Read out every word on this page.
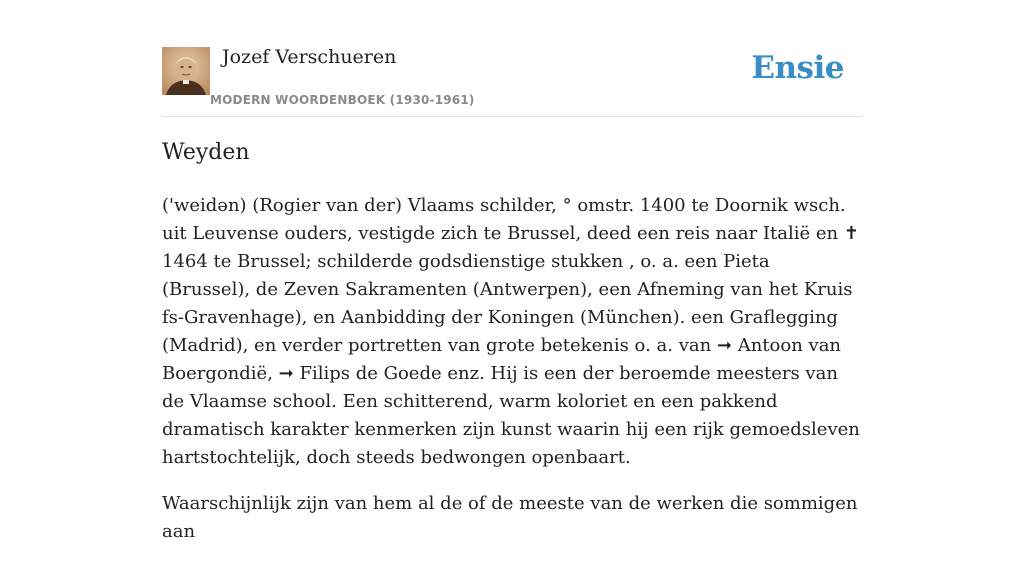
Jozef Verschueren
MODERN WOORDENBOEK (1930-1961)
Ensie
Weyden

('weidən) (Rogier van der) Vlaams schilder, ° omstr. 1400 te Doornik wsch. uit Leuvense ouders, vestigde zich te Brussel, deed een reis naar Italië en ✝ 1464 te Brussel; schilderde godsdienstige stukken , o. a. een Pieta (Brussel), de Zeven Sakramenten (Antwerpen), een Afneming van het Kruis fs-Gravenhage), en Aanbidding der Koningen (München). een Graflegging (Madrid), en verder portretten van grote betekenis o. a. van ➞ Antoon van Boergondië, ➞ Filips de Goede enz. Hij is een der beroemde meesters van de Vlaamse school. Een schitterend, warm koloriet en een pakkend dramatisch karakter kenmerken zijn kunst waarin hij een rijk gemoedsleven hartstochtelijk, doch steeds bedwongen openbaart.

Waarschijnlijk zijn van hem al de of de meeste van de werken die sommigen aan
